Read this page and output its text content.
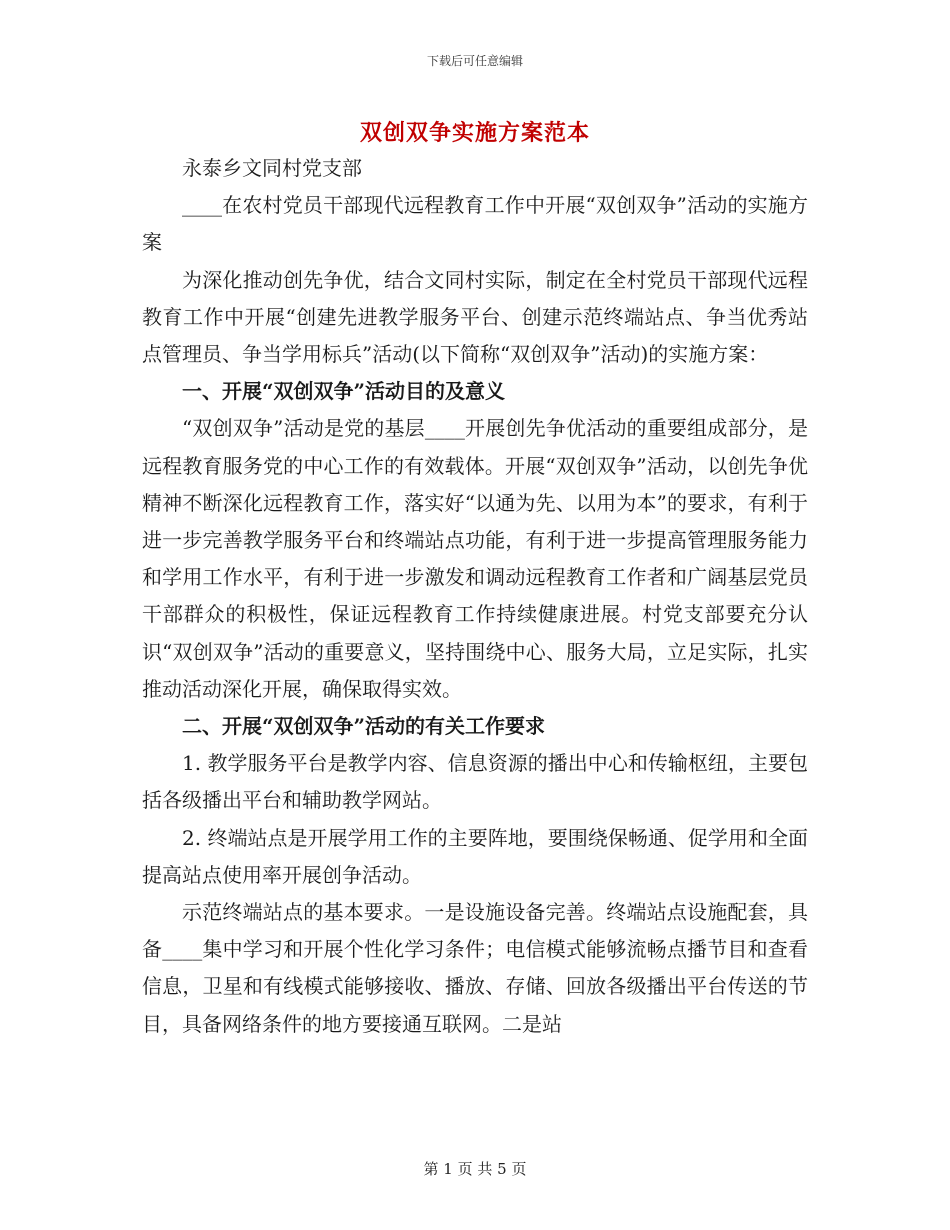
下载后可任意编辑
双创双争实施方案范本

永泰乡文同村党支部

____在农村党员干部现代远程教育工作中开展“双创双争”活动的实施方案

为深化推动创先争优，结合文同村实际，制定在全村党员干部现代远程教育工作中开展“创建先进教学服务平台、创建示范终端站点、争当优秀站点管理员、争当学用标兵”活动(以下简称“双创双争”活动)的实施方案：

一、开展“双创双争”活动目的及意义

“双创双争”活动是党的基层____开展创先争优活动的重要组成部分，是远程教育服务党的中心工作的有效载体。开展“双创双争”活动，以创先争优精神不断深化远程教育工作，落实好“以通为先、以用为本”的要求，有利于进一步完善教学服务平台和终端站点功能，有利于进一步提高管理服务能力和学用工作水平，有利于进一步激发和调动远程教育工作者和广阔基层党员干部群众的积极性，保证远程教育工作持续健康进展。村党支部要充分认识“双创双争”活动的重要意义，坚持围绕中心、服务大局，立足实际，扎实推动活动深化开展，确保取得实效。

二、开展“双创双争”活动的有关工作要求

1. 教学服务平台是教学内容、信息资源的播出中心和传输枢纽，主要包括各级播出平台和辅助教学网站。

2. 终端站点是开展学用工作的主要阵地，要围绕保畅通、促学用和全面提高站点使用率开展创争活动。

示范终端站点的基本要求。一是设施设备完善。终端站点设施配套，具备____集中学习和开展个性化学习条件；电信模式能够流畅点播节目和查看信息，卫星和有线模式能够接收、播放、存储、回放各级播出平台传送的节目，具备网络条件的地方要接通互联网。二是站

第 1 页 共 5 页
